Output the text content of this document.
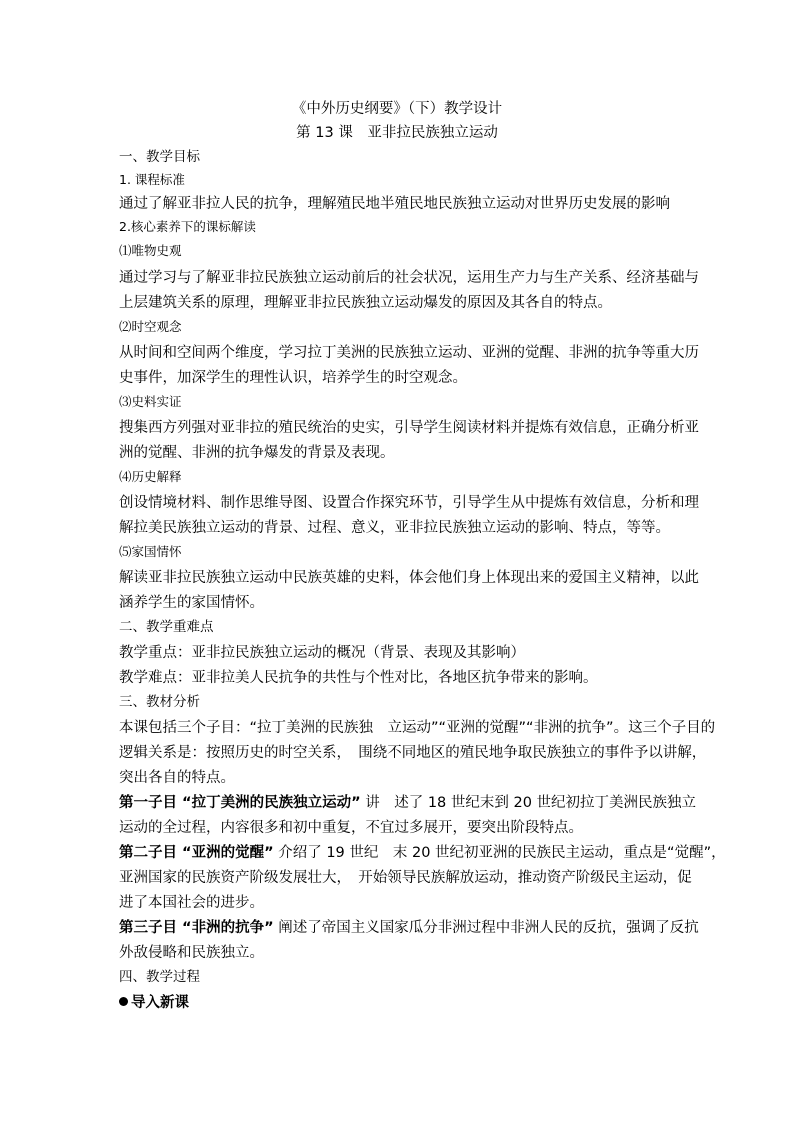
《中外历史纲要》（下）教学设计
第 13 课　亚非拉民族独立运动
一、教学目标
1. 课程标准
通过了解亚非拉人民的抗争，理解殖民地半殖民地民族独立运动对世界历史发展的影响
2.核心素养下的课标解读
⑴唯物史观
通过学习与了解亚非拉民族独立运动前后的社会状况，运用生产力与生产关系、经济基础与
上层建筑关系的原理，理解亚非拉民族独立运动爆发的原因及其各自的特点。
⑵时空观念
从时间和空间两个维度，学习拉丁美洲的民族独立运动、亚洲的觉醒、非洲的抗争等重大历
史事件，加深学生的理性认识，培养学生的时空观念。
⑶史料实证
搜集西方列强对亚非拉的殖民统治的史实，引导学生阅读材料并提炼有效信息，正确分析亚
洲的觉醒、非洲的抗争爆发的背景及表现。
⑷历史解释
创设情境材料、制作思维导图、设置合作探究环节，引导学生从中提炼有效信息，分析和理
解拉美民族独立运动的背景、过程、意义，亚非拉民族独立运动的影响、特点，等等。
⑸家国情怀
解读亚非拉民族独立运动中民族英雄的史料，体会他们身上体现出来的爱国主义精神，以此
涵养学生的家国情怀。
二、教学重难点
教学重点：亚非拉民族独立运动的概况（背景、表现及其影响）
教学难点：亚非拉美人民抗争的共性与个性对比，各地区抗争带来的影响。
三、教材分析
本课包括三个子目：“拉丁美洲的民族独　立运动”“亚洲的觉醒”“非洲的抗争”。这三个子目的
逻辑关系是：按照历史的时空关系，　围绕不同地区的殖民地争取民族独立的事件予以讲解，
突出各自的特点。
第一子目 “拉丁美洲的民族独立运动” 讲　述了 18 世纪末到 20 世纪初拉丁美洲民族独立
运动的全过程，内容很多和初中重复，不宜过多展开，要突出阶段特点。
第二子目 “亚洲的觉醒” 介绍了 19 世纪　末 20 世纪初亚洲的民族民主运动，重点是“觉醒”，
亚洲国家的民族资产阶级发展壮大，　开始领导民族解放运动，推动资产阶级民主运动，促
进了本国社会的进步。
第三子目 “非洲的抗争” 阐述了帝国主义国家瓜分非洲过程中非洲人民的反抗，强调了反抗
外敌侵略和民族独立。
四、教学过程
导入新课
